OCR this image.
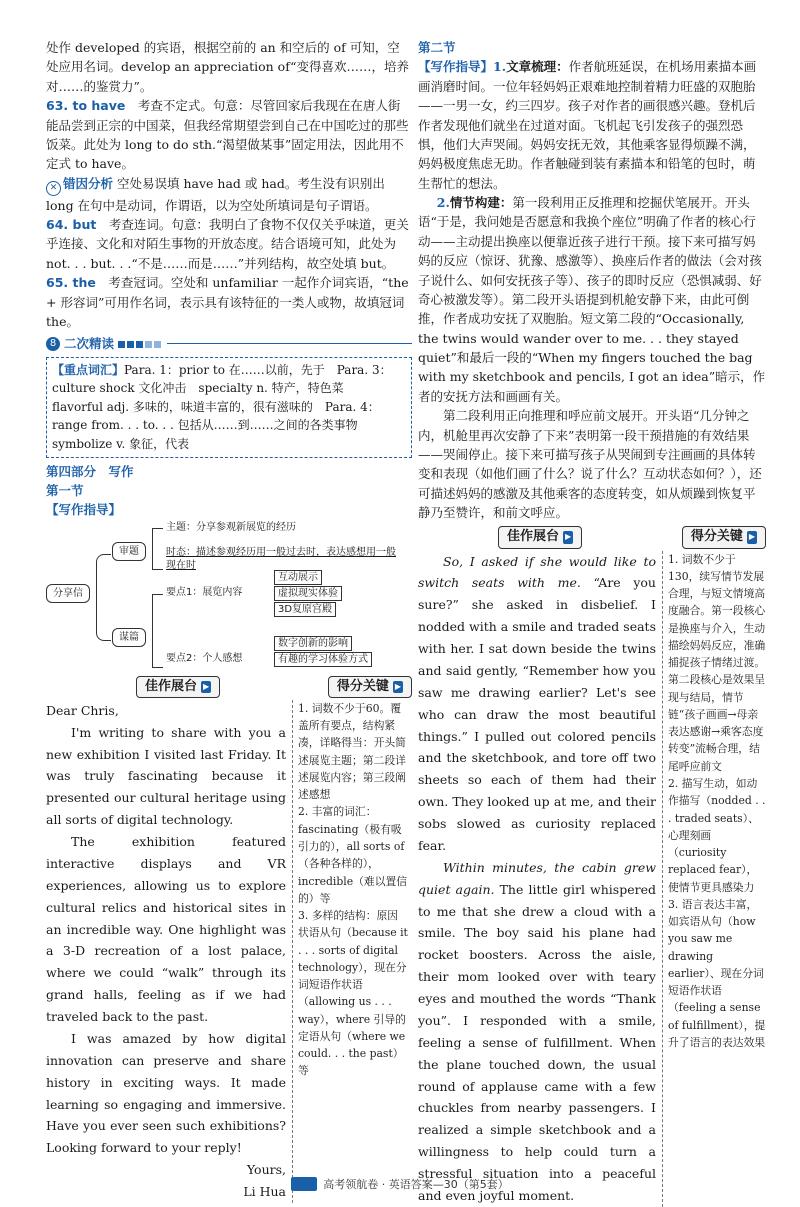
处作 developed 的宾语，根据空前的 an 和空后的 of 可知，空处应用名词。develop an appreciation of“变得喜欢……，培养对……的鉴赏力”。

63. to have　 考查不定式。句意：尽管回家后我现在在唐人街能品尝到正宗的中国菜，但我经常期望尝到自己在中国吃过的那些饭菜。此处为 long to do sth.“渴望做某事”固定用法，因此用不定式 to have。

✕ 错因分析 空处易误填 have had 或 had。考生没有识别出 long 在句中是动词，作谓语，以为空处所填词是句子谓语。

64. but　 考查连词。句意：我明白了食物不仅仅关乎味道，更关乎连接、文化和对陌生事物的开放态度。结合语境可知，此处为 not. . . but. . .“不是……而是……”并列结构，故空处填 but。

65. the　 考查冠词。空处和 unfamiliar 一起作介词宾语，“the + 形容词”可用作名词，表示具有该特征的一类人或物，故填冠词 the。

8 二次精读
【重点词汇】Para. 1：prior to 在……以前，先于　Para. 3：culture shock 文化冲击　specialty n. 特产，特色菜　flavorful adj. 多味的，味道丰富的，很有滋味的　Para. 4：range from. . . to. . . 包括从……到……之间的各类事物　symbolize v. 象征，代表

第四部分　写作

第一节

【写作指导】

分享信
审题
谋篇
主题：分享参观新展览的经历
时态：描述参观经历用一般过去时，表达感想用一般现在时
要点1：展览内容
要点2：个人感想
互动展示
虚拟现实体验
3D复原宫殿
数字创新的影响
有趣的学习体验方式
佳作展台 ▶	得分关键 ▶

Dear Chris,

I'm writing to share with you a new exhibition I visited last Friday. It was truly fascinating because it presented our cultural heritage using all sorts of digital technology.

The exhibition featured interactive displays and VR experiences, allowing us to explore cultural relics and historical sites in an incredible way. One highlight was a 3-D recreation of a lost palace, where we could “walk” through its grand halls, feeling as if we had traveled back to the past.

I was amazed by how digital innovation can preserve and share history in exciting ways. It made learning so engaging and immersive. Have you ever seen such exhibitions? Looking forward to your reply!

Yours,

Li Hua

1. 词数不少于60。覆盖所有要点，结构紧凑，详略得当：开头简述展览主题；第二段详述展览内容；第三段阐述感想
2. 丰富的词汇：fascinating（极有吸引力的），all sorts of（各种各样的），incredible（难以置信的）等
3. 多样的结构：原因状语从句（because it . . . sorts of digital technology），现在分词短语作状语（allowing us . . . way），where 引导的定语从句（where we could. . . the past）等

第二节

【写作指导】1.文章梳理：作者航班延误，在机场用素描本画画消磨时间。一位年轻妈妈正艰难地控制着精力旺盛的双胞胎——一男一女，约三四岁。孩子对作者的画很感兴趣。登机后作者发现他们就坐在过道对面。飞机起飞引发孩子的强烈恐惧，他们大声哭闹。妈妈安抚无效，其他乘客显得烦躁不满，妈妈极度焦虑无助。作者触碰到装有素描本和铅笔的包时，萌生帮忙的想法。

2.情节构建：第一段利用正反推理和挖掘伏笔展开。开头语“于是，我问她是否愿意和我换个座位”明确了作者的核心行动——主动提出换座以便靠近孩子进行干预。接下来可描写妈妈的反应（惊讶、犹豫、感激等）、换座后作者的做法（会对孩子说什么、如何安抚孩子等）、孩子的即时反应（恐惧减弱、好奇心被激发等）。第二段开头语提到机舱安静下来，由此可倒推，作者成功安抚了双胞胎。短文第二段的“Occasionally, the twins would wander over to me. . . they stayed quiet”和最后一段的“When my fingers touched the bag with my sketchbook and pencils, I got an idea”暗示，作者的安抚方法和画画有关。

第二段利用正向推理和呼应前文展开。开头语“几分钟之内，机舱里再次安静了下来”表明第一段干预措施的有效结果——哭闹停止。接下来可描写孩子从哭闹到专注画画的具体转变和表现（如他们画了什么？说了什么？互动状态如何？），还可描述妈妈的感激及其他乘客的态度转变，如从烦躁到恢复平静乃至赞许，和前文呼应。

佳作展台 ▶	得分关键 ▶

So, I asked if she would like to switch seats with me. “Are you sure?” she asked in disbelief. I nodded with a smile and traded seats with her. I sat down beside the twins and said gently, “Remember how you saw me drawing earlier? Let's see who can draw the most beautiful things.” I pulled out colored pencils and the sketchbook, and tore off two sheets so each of them had their own. They looked up at me, and their sobs slowed as curiosity replaced fear.

Within minutes, the cabin grew quiet again. The little girl whispered to me that she drew a cloud with a smile. The boy said his plane had rocket boosters. Across the aisle, their mom looked over with teary eyes and mouthed the words “Thank you”. I responded with a smile, feeling a sense of fulfillment. When the plane touched down, the usual round of applause came with a few chuckles from nearby passengers. I realized a simple sketchbook and a willingness to help could turn a stressful situation into a peaceful and even joyful moment.

1. 词数不少于130，续写情节发展合理，与短文情境高度融合。第一段核心是换座与介入，生动描绘妈妈反应，准确捕捉孩子情绪过渡。第二段核心是效果呈现与结局，情节链“孩子画画→母亲表达感谢→乘客态度转变”流畅合理，结尾呼应前文
2. 描写生动，如动作描写（nodded . . . traded seats）、心理刻画（curiosity replaced fear），使情节更具感染力
3. 语言表达丰富，如宾语从句（how you saw me drawing earlier）、现在分词短语作状语（feeling a sense of fulfillment），提升了语言的表达效果
高考领航卷 · 英语答案—30（第5套）
